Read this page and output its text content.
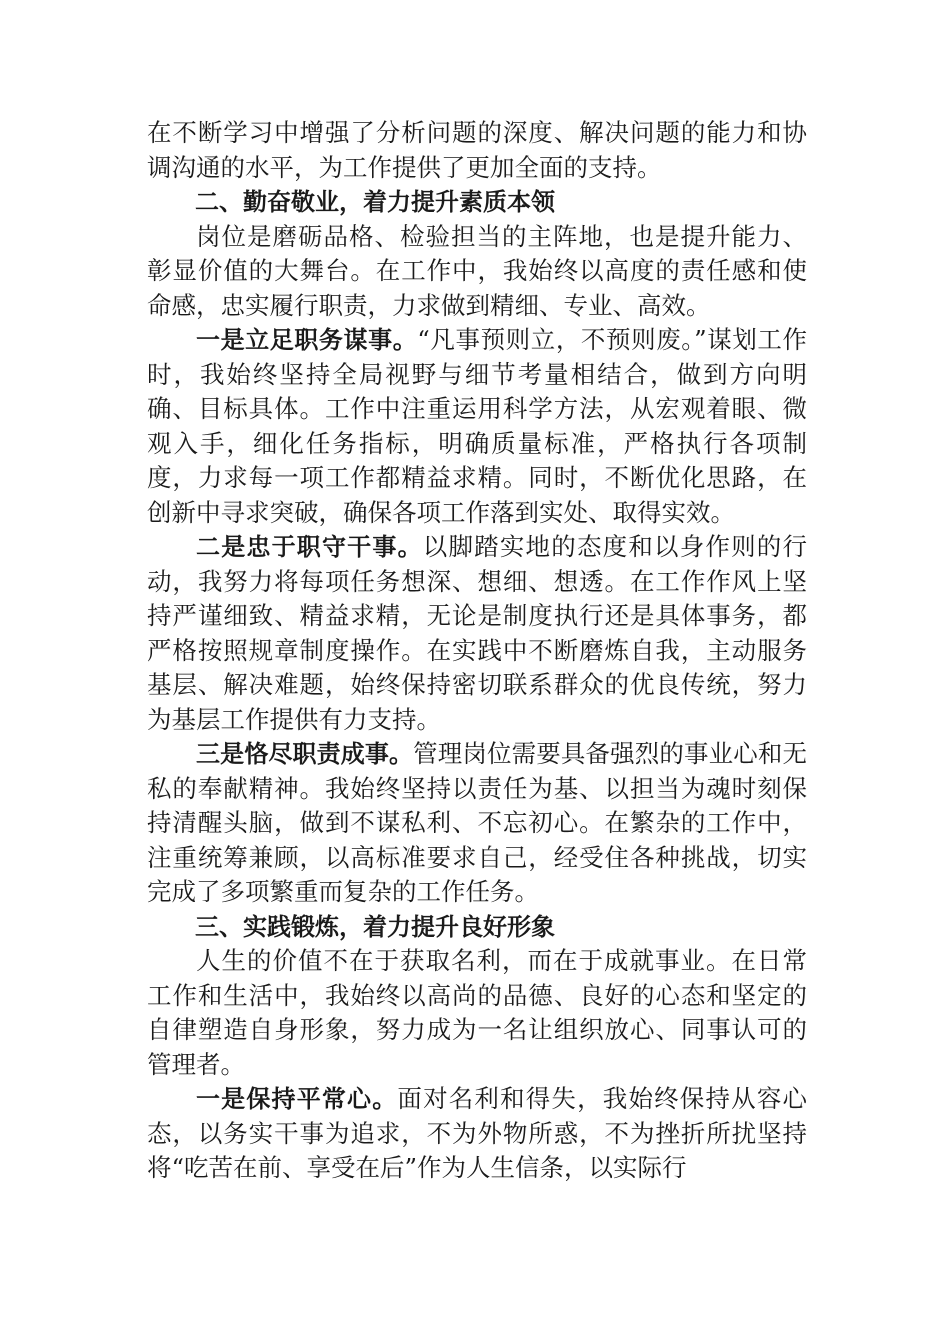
在不断学习中增强了分析问题的深度、解决问题的能力和协调沟通的水平，为工作提供了更加全面的支持。

二、勤奋敬业，着力提升素质本领

岗位是磨砺品格、检验担当的主阵地，也是提升能力、彰显价值的大舞台。在工作中，我始终以高度的责任感和使命感，忠实履行职责，力求做到精细、专业、高效。

一是立足职务谋事。“凡事预则立，不预则废。”谋划工作时，我始终坚持全局视野与细节考量相结合，做到方向明确、目标具体。工作中注重运用科学方法，从宏观着眼、微观入手，细化任务指标，明确质量标准，严格执行各项制度，力求每一项工作都精益求精。同时，不断优化思路，在创新中寻求突破，确保各项工作落到实处、取得实效。

二是忠于职守干事。以脚踏实地的态度和以身作则的行动，我努力将每项任务想深、想细、想透。在工作作风上坚持严谨细致、精益求精，无论是制度执行还是具体事务，都严格按照规章制度操作。在实践中不断磨炼自我，主动服务基层、解决难题，始终保持密切联系群众的优良传统，努力为基层工作提供有力支持。

三是恪尽职责成事。管理岗位需要具备强烈的事业心和无私的奉献精神。我始终坚持以责任为基、以担当为魂时刻保持清醒头脑，做到不谋私利、不忘初心。在繁杂的工作中，注重统筹兼顾，以高标准要求自己，经受住各种挑战，切实完成了多项繁重而复杂的工作任务。

三、实践锻炼，着力提升良好形象

人生的价值不在于获取名利，而在于成就事业。在日常工作和生活中，我始终以高尚的品德、良好的心态和坚定的自律塑造自身形象，努力成为一名让组织放心、同事认可的管理者。

一是保持平常心。面对名利和得失，我始终保持从容心态，以务实干事为追求，不为外物所惑，不为挫折所扰坚持将“吃苦在前、享受在后”作为人生信条，以实际行
